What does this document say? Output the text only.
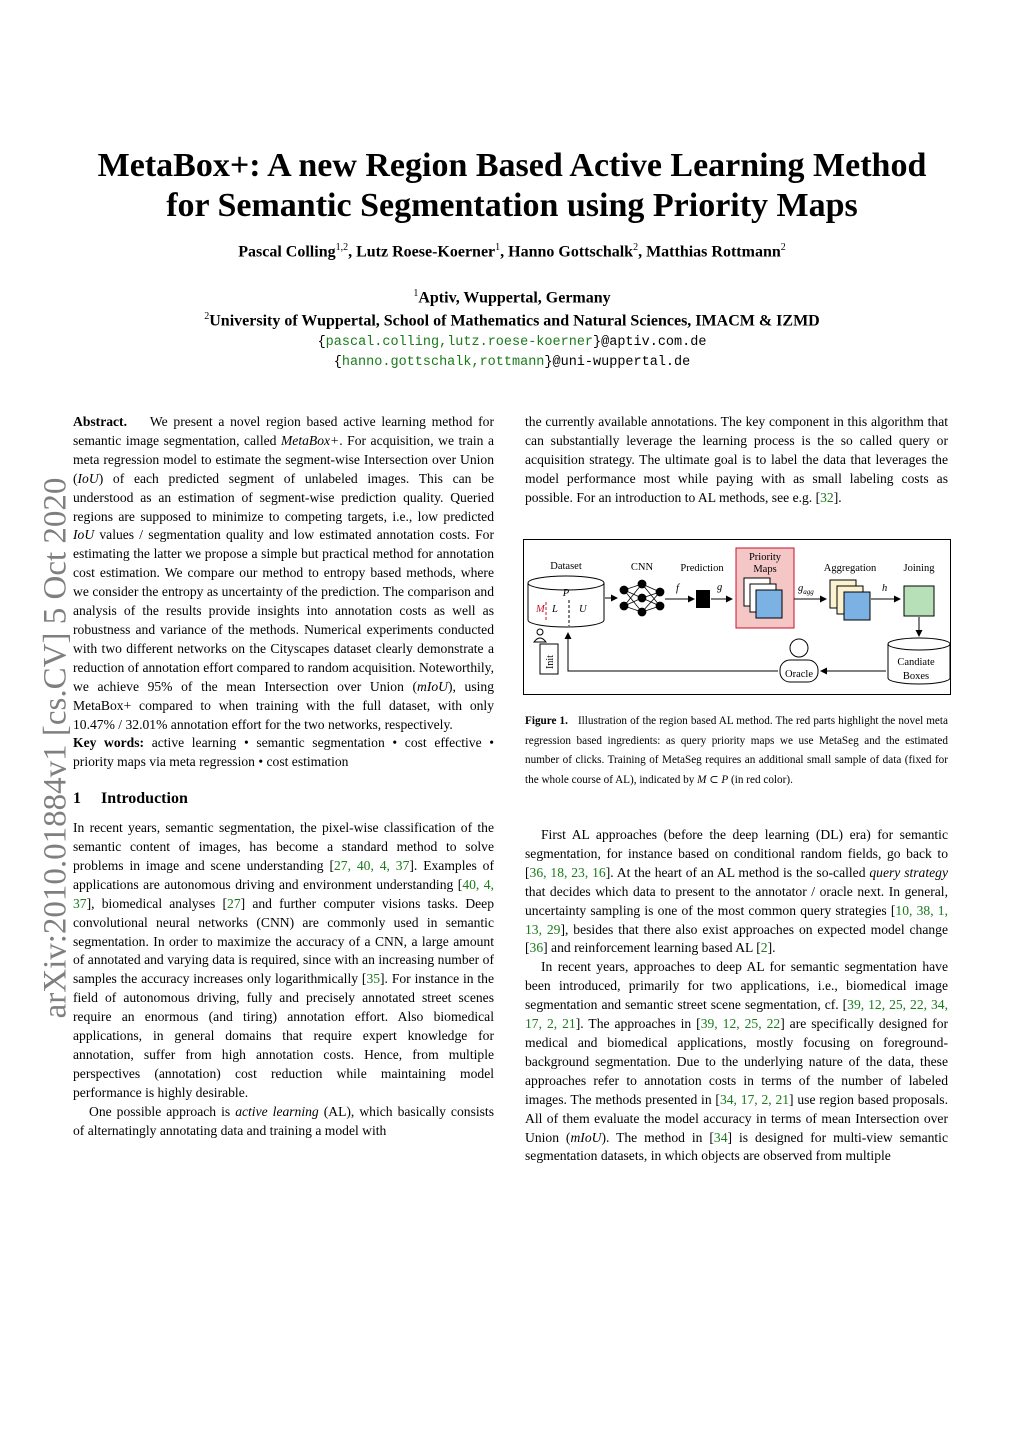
arXiv:2010.01884v1 [cs.CV] 5 Oct 2020
MetaBox+: A new Region Based Active Learning Method
for Semantic Segmentation using Priority Maps
Pascal Colling$^{1,2}$, Lutz Roese-Koerner$^1$, Hanno Gottschalk$^2$, Matthias Rottmann$^2$
$^1$Aptiv, Wuppertal, Germany
$^2$University of Wuppertal, School of Mathematics and Natural Sciences, IMACM & IZMD
{pascal.colling,lutz.roese-koerner}@aptiv.com.de
{hanno.gottschalk,rottmann}@uni-wuppertal.de

Abstract. We present a novel region based active learning method for semantic image segmentation, called MetaBox+. For acquisition, we train a meta regression model to estimate the segment-wise Intersection over Union (IoU) of each predicted segment of unlabeled images. This can be understood as an estimation of segment-wise prediction quality. Queried regions are supposed to minimize to competing targets, i.e., low predicted IoU values / segmentation quality and low estimated annotation costs. For estimating the latter we propose a simple but practical method for annotation cost estimation. We compare our method to entropy based methods, where we consider the entropy as uncertainty of the prediction. The comparison and analysis of the results provide insights into annotation costs as well as robustness and variance of the methods. Numerical experiments conducted with two different networks on the Cityscapes dataset clearly demonstrate a reduction of annotation effort compared to random acquisition. Noteworthily, we achieve 95% of the mean Intersection over Union (mIoU), using MetaBox+ compared to when training with the full dataset, with only 10.47% / 32.01% annotation effort for the two networks, respectively.

Key words: active learning • semantic segmentation • cost effective • priority maps via meta regression • cost estimation

1 Introduction

In recent years, semantic segmentation, the pixel-wise classification of the semantic content of images, has become a standard method to solve problems in image and scene understanding [27, 40, 4, 37]. Examples of applications are autonomous driving and environment understanding [40, 4, 37], biomedical analyses [27] and further computer visions tasks. Deep convolutional neural networks (CNN) are commonly used in semantic segmentation. In order to maximize the accuracy of a CNN, a large amount of annotated and varying data is required, since with an increasing number of samples the accuracy increases only logarithmically [35]. For instance in the field of autonomous driving, fully and precisely annotated street scenes require an enormous (and tiring) annotation effort. Also biomedical applications, in general domains that require expert knowledge for annotation, suffer from high annotation costs. Hence, from multiple perspectives (annotation) cost reduction while maintaining model performance is highly desirable.

One possible approach is active learning (AL), which basically consists of alternatingly annotating data and training a model with

the currently available annotations. The key component in this algorithm that can substantially leverage the learning process is the so called query or acquisition strategy. The ultimate goal is to label the data that leverages the model performance most while paying with as small labeling costs as possible. For an introduction to AL methods, see e.g. [32].

Dataset
P
M L U
Init
CNN
f
Prediction
g
Priority
Maps
$g_{agg}$
Aggregation
h
Joining
Candiate
Boxes
Oracle
Figure 1. Illustration of the region based AL method. The red parts highlight the novel meta regression based ingredients: as query priority maps we use MetaSeg and the estimated number of clicks. Training of MetaSeg requires an additional small sample of data (fixed for the whole course of AL), indicated by M ⊂ P (in red color).

First AL approaches (before the deep learning (DL) era) for semantic segmentation, for instance based on conditional random fields, go back to [36, 18, 23, 16]. At the heart of an AL method is the so-called query strategy that decides which data to present to the annotator / oracle next. In general, uncertainty sampling is one of the most common query strategies [10, 38, 1, 13, 29], besides that there also exist approaches on expected model change [36] and reinforcement learning based AL [2].

In recent years, approaches to deep AL for semantic segmentation have been introduced, primarily for two applications, i.e., biomedical image segmentation and semantic street scene segmentation, cf. [39, 12, 25, 22, 34, 17, 2, 21]. The approaches in [39, 12, 25, 22] are specifically designed for medical and biomedical applications, mostly focusing on foreground-background segmentation. Due to the underlying nature of the data, these approaches refer to annotation costs in terms of the number of labeled images. The methods presented in [34, 17, 2, 21] use region based proposals. All of them evaluate the model accuracy in terms of mean Intersection over Union (mIoU). The method in [34] is designed for multi-view semantic segmentation datasets, in which objects are observed from multiple
